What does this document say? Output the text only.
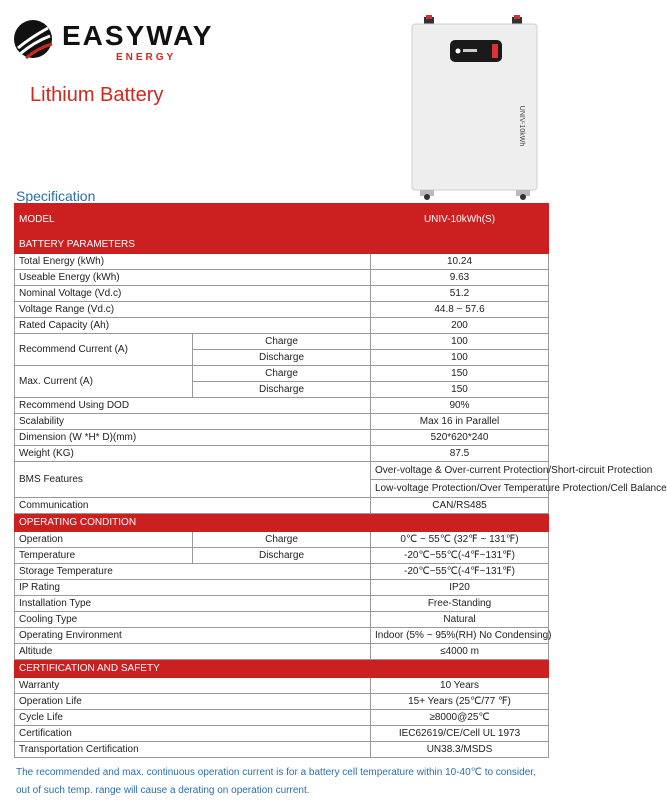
EASYWAY
ENERGY
Lithium Battery
UNIV-10kWh
Specification
MODEL		UNIV-10kWh(S)
BATTERY PARAMETERS		
Total Energy (kWh)		10.24
Useable Energy (kWh)		9.63
Nominal Voltage (Vd.c)		51.2
Voltage Range (Vd.c)		44.8 ~ 57.6
Rated Capacity (Ah)		200
Recommend Current (A)	Charge	100
	Discharge	100
Max. Current (A)	Charge	150
	Discharge	150
Recommend Using DOD		90%
Scalability		Max 16 in Parallel
Dimension (W *H* D)(mm)		520*620*240
Weight (KG)		87.5
BMS Features		Over-voltage & Over-current Protection/Short-circuit Protection
		Low-voltage Protection/Over Temperature Protection/Cell Balance
Communication		CAN/RS485
OPERATING CONDITION		
Operation	Charge	0℃ ~ 55℃ (32℉ ~ 131℉)
Temperature	Discharge	-20℃~55℃(-4℉~131℉)
Storage Temperature		-20℃~55℃(-4℉~131℉)
IP Rating		IP20
Installation Type		Free-Standing
Cooling Type		Natural
Operating Environment		Indoor (5% ~ 95%(RH) No Condensing)
Altitude		≤4000 m
CERTIFICATION AND SAFETY		
Warranty		10 Years
Operation Life		15+ Years (25℃/77 ℉)
Cycle Life		≥8000@25℃
Certification		IEC62619/CE/Cell UL 1973
Transportation Certification		UN38.3/MSDS
The recommended and max. continuous operation current is for a battery cell temperature within 10-40℃ to consider, out of such temp. range will cause a derating on operation current.
